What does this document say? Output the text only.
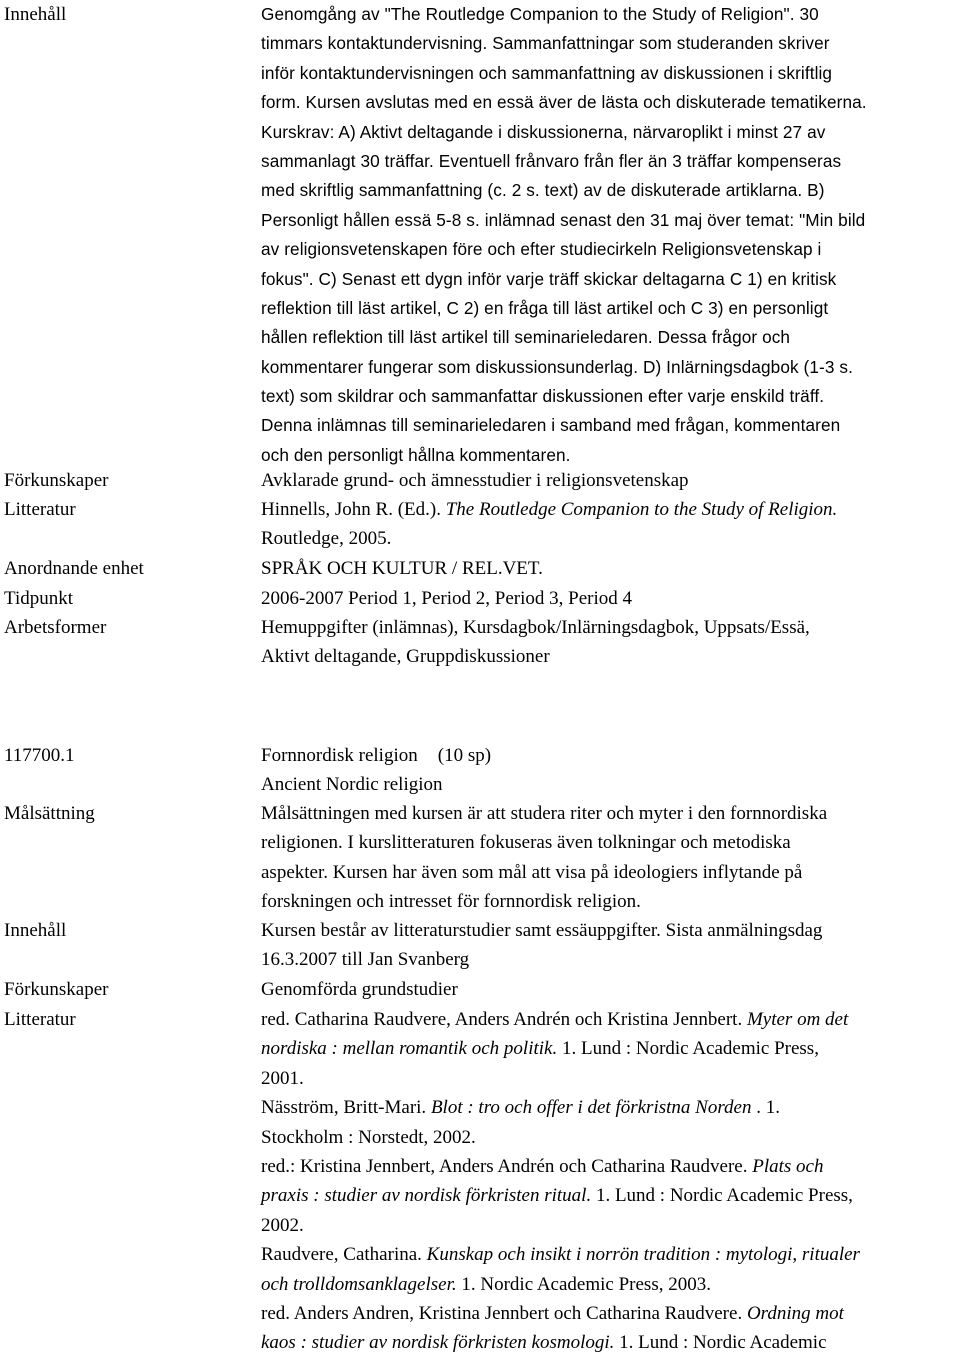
Innehåll	Genomgång av "The Routledge Companion to the Study of Religion". 30
timmars kontaktundervisning. Sammanfattningar som studeranden skriver
inför kontaktundervisningen och sammanfattning av diskussionen i skriftlig
form. Kursen avslutas med en essä äver de lästa och diskuterade tematikerna.
Kurskrav: A) Aktivt deltagande i diskussionerna, närvaroplikt i minst 27 av
sammanlagt 30 träffar. Eventuell frånvaro från fler än 3 träffar kompenseras
med skriftlig sammanfattning (c. 2 s. text) av de diskuterade artiklarna. B)
Personligt hållen essä 5-8 s. inlämnad senast den 31 maj över temat: "Min bild
av religionsvetenskapen före och efter studiecirkeln Religionsvetenskap i
fokus". C) Senast ett dygn inför varje träff skickar deltagarna C 1) en kritisk
reflektion till läst artikel, C 2) en fråga till läst artikel och C 3) en personligt
hållen reflektion till läst artikel till seminarieledaren. Dessa frågor och
kommentarer fungerar som diskussionsunderlag. D) Inlärningsdagbok (1-3 s.
text) som skildrar och sammanfattar diskussionen efter varje enskild träff.
Denna inlämnas till seminarieledaren i samband med frågan, kommentaren
och den personligt hållna kommentaren.
Förkunskaper	Avklarade grund- och ämnesstudier i religionsvetenskap
Litteratur	Hinnells, John R. (Ed.). The Routledge Companion to the Study of Religion.
Routledge, 2005.
Anordnande enhet	SPRÅK OCH KULTUR / REL.VET.
Tidpunkt	2006-2007 Period 1, Period 2, Period 3, Period 4
Arbetsformer	Hemuppgifter (inlämnas), Kursdagbok/Inlärningsdagbok, Uppsats/Essä,
Aktivt deltagande, Gruppdiskussioner
117700.1	Fornnordisk religion (10 sp)
Ancient Nordic religion
Målsättning	Målsättningen med kursen är att studera riter och myter i den fornnordiska
religionen. I kurslitteraturen fokuseras även tolkningar och metodiska
aspekter. Kursen har även som mål att visa på ideologiers inflytande på
forskningen och intresset för fornnordisk religion.
Innehåll	Kursen består av litteraturstudier samt essäuppgifter. Sista anmälningsdag
16.3.2007 till Jan Svanberg
Förkunskaper	Genomförda grundstudier
Litteratur	red. Catharina Raudvere, Anders Andrén och Kristina Jennbert. Myter om det
nordiska : mellan romantik och politik. 1. Lund : Nordic Academic Press,
2001.
Näsström, Britt-Mari. Blot : tro och offer i det förkristna Norden . 1.
Stockholm : Norstedt, 2002.
red.: Kristina Jennbert, Anders Andrén och Catharina Raudvere. Plats och
praxis : studier av nordisk förkristen ritual. 1. Lund : Nordic Academic Press,
2002.
Raudvere, Catharina. Kunskap och insikt i norrön tradition : mytologi, ritualer
och trolldomsanklagelser. 1. Nordic Academic Press, 2003.
red. Anders Andren, Kristina Jennbert och Catharina Raudvere. Ordning mot
kaos : studier av nordisk förkristen kosmologi. 1. Lund : Nordic Academic
